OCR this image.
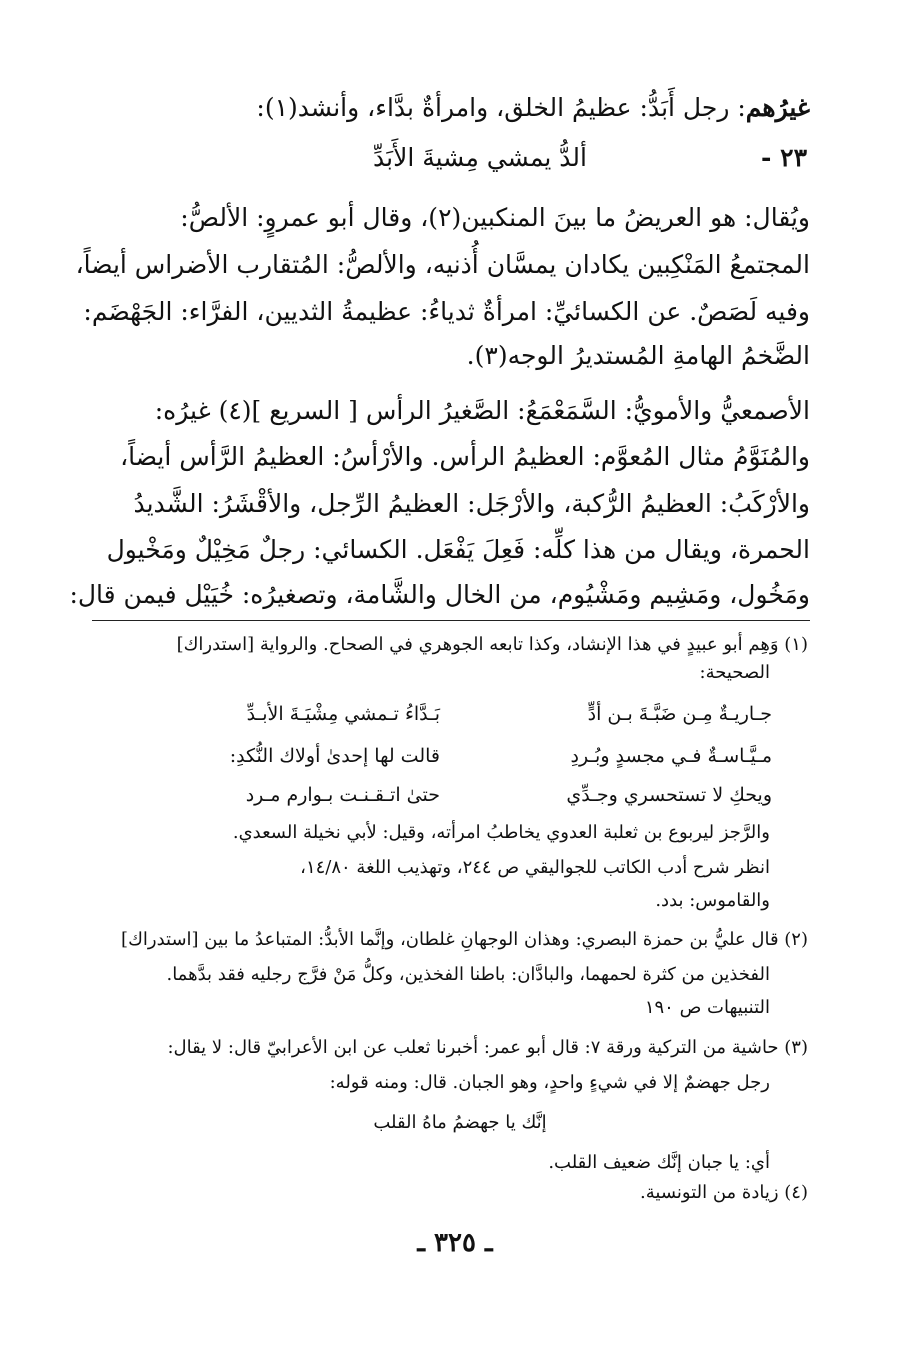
غيرُهم: رجل أَبَدُّ: عظيمُ الخلق، وامرأةٌ بدَّاء، وأنشد(١):
٢٣ -
ألدُّ يمشي مِشيةَ الأَبَدِّ
ويُقال: هو العريضُ ما بينَ المنكبين(٢)، وقال أبو عمروٍ: الألصُّ:
المجتمعُ المَنْكِبين يكادان يمسَّان أُذنيه، والألصُّ: المُتقارب الأضراس أيضاً،
وفيه لَصَصٌ. عن الكسائيِّ: امرأةٌ ثدياءُ: عظيمةُ الثديين، الفرَّاء: الجَهْضَم:
الضَّخمُ الهامةِ المُستديرُ الوجه(٣).
الأصمعيُّ والأمويُّ: السَّمَعْمَعُ: الصَّغيرُ الرأس [ السريع ](٤) غيرُه:
والمُنَوَّمُ مثال المُعوَّم: العظيمُ الرأس. والأرْأسُ: العظيمُ الرَّأس أيضاً،
والأرْكَبُ: العظيمُ الرُّكبة، والأرْجَل: العظيمُ الرِّجل، والأقْشَرُ: الشَّديدُ
الحمرة، ويقال من هذا كلِّه: فَعِلَ يَفْعَل. الكسائي: رجلٌ مَخِيْلٌ ومَخْيول
ومَخُول، ومَشِيم ومَشْيُوم، من الخال والشَّامة، وتصغيرُه: خُيَيْل فيمن قال:
(١) وَهِم أبو عبيدٍ في هذا الإنشاد، وكذا تابعه الجوهري في الصحاح. والرواية [استدراك]
الصحيحة:
جـاريـةٌ مِـن ضَبَّـةَ بـن أدٍّ
بَـدَّاءُ تـمشي مِشْيَـةَ الأبـدِّ
مـيَّـاسـةٌ فـي مجسدٍ وبُـردِ
قالت لها إحدىٰ أولاك النُّكدِ:
ويحكِ لا تستحسري وجـدِّي
حتىٰ اتـقـنـت بـوارم مـرد
والرَّجز ليربوع بن ثعلبة العدوي يخاطبُ امرأته، وقيل: لأبي نخيلة السعدي.
انظر شرح أدب الكاتب للجواليقي ص ٢٤٤، وتهذيب اللغة ١٤/٨٠،
والقاموس: بدد.
(٢) قال عليُّ بن حمزة البصري: وهذان الوجهانِ غلطان، وإنَّما الأبدُّ: المتباعدُ ما بين [استدراك]
الفخذين من كثرة لحمهما، والبادَّان: باطنا الفخذين، وكلُّ مَنْ فرَّج رجليه فقد بدَّهما.
التنبيهات ص ١٩٠
(٣) حاشية من التركية ورقة ٧: قال أبو عمر: أخبرنا ثعلب عن ابن الأعرابيّ قال: لا يقال:
رجل جهضمٌ إلا في شيءٍ واحدٍ، وهو الجبان. قال: ومنه قوله:
إنَّك يا جهضمُ ماهُ القلب
أي: يا جبان إنَّك ضعيف القلب.
(٤) زيادة من التونسية.
ـ ٣٢٥ ـ
